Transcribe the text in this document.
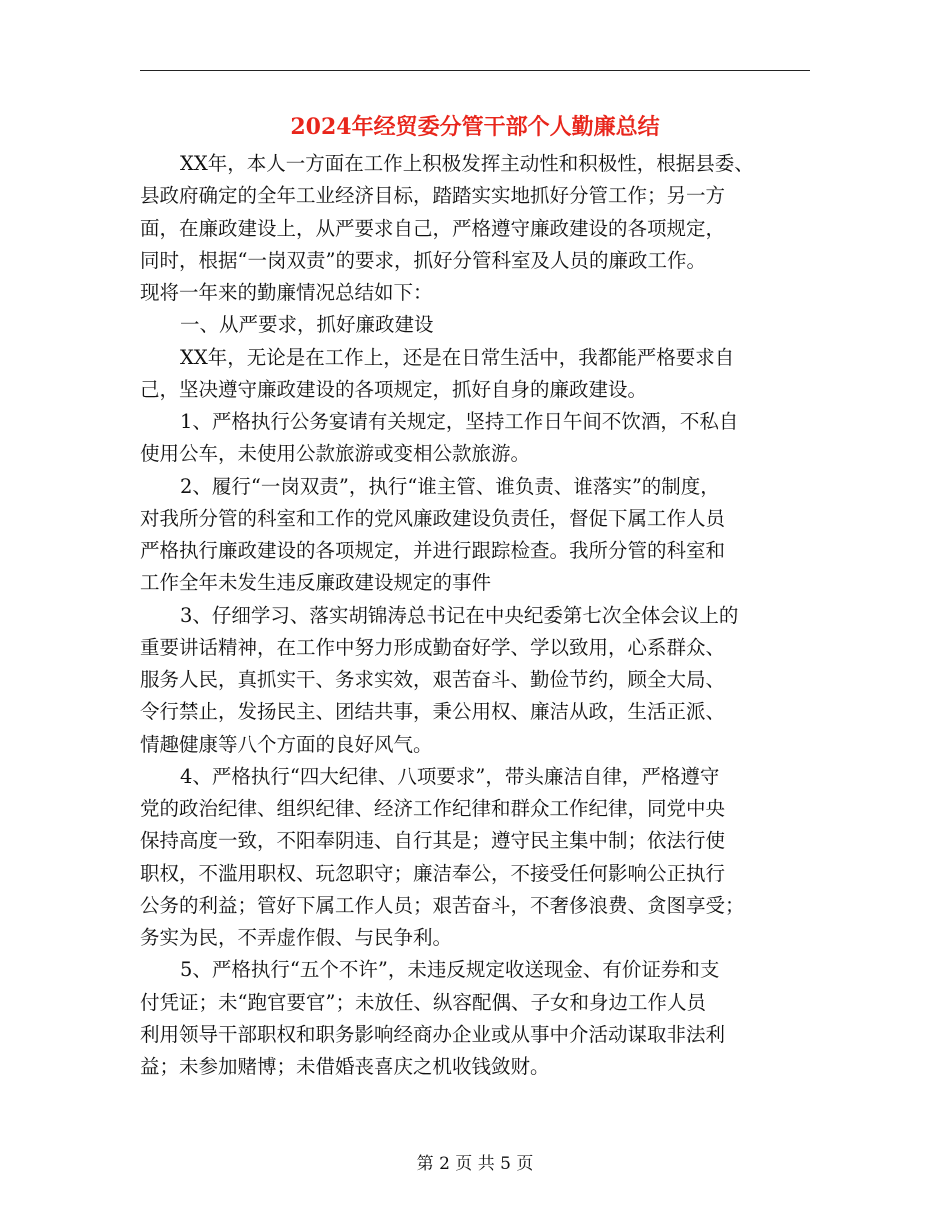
2024年经贸委分管干部个人勤廉总结
XX年，本人一方面在工作上积极发挥主动性和积极性，根据县委、
县政府确定的全年工业经济目标，踏踏实实地抓好分管工作；另一方
面，在廉政建设上，从严要求自己，严格遵守廉政建设的各项规定，
同时，根据“一岗双责”的要求，抓好分管科室及人员的廉政工作。
现将一年来的勤廉情况总结如下：
一、从严要求，抓好廉政建设
XX年，无论是在工作上，还是在日常生活中，我都能严格要求自
己，坚决遵守廉政建设的各项规定，抓好自身的廉政建设。
1、严格执行公务宴请有关规定，坚持工作日午间不饮酒，不私自
使用公车，未使用公款旅游或变相公款旅游。
2、履行“一岗双责”，执行“谁主管、谁负责、谁落实”的制度，
对我所分管的科室和工作的党风廉政建设负责任，督促下属工作人员
严格执行廉政建设的各项规定，并进行跟踪检查。我所分管的科室和
工作全年未发生违反廉政建设规定的事件
3、仔细学习、落实胡锦涛总书记在中央纪委第七次全体会议上的
重要讲话精神，在工作中努力形成勤奋好学、学以致用，心系群众、
服务人民，真抓实干、务求实效，艰苦奋斗、勤俭节约，顾全大局、
令行禁止，发扬民主、团结共事，秉公用权、廉洁从政，生活正派、
情趣健康等八个方面的良好风气。
4、严格执行“四大纪律、八项要求”，带头廉洁自律，严格遵守
党的政治纪律、组织纪律、经济工作纪律和群众工作纪律，同党中央
保持高度一致，不阳奉阴违、自行其是；遵守民主集中制；依法行使
职权，不滥用职权、玩忽职守；廉洁奉公，不接受任何影响公正执行
公务的利益；管好下属工作人员；艰苦奋斗，不奢侈浪费、贪图享受；
务实为民，不弄虚作假、与民争利。
5、严格执行“五个不许”，未违反规定收送现金、有价证券和支
付凭证；未“跑官要官”；未放任、纵容配偶、子女和身边工作人员
利用领导干部职权和职务影响经商办企业或从事中介活动谋取非法利
益；未参加赌博；未借婚丧喜庆之机收钱敛财。
第 2 页 共 5 页
